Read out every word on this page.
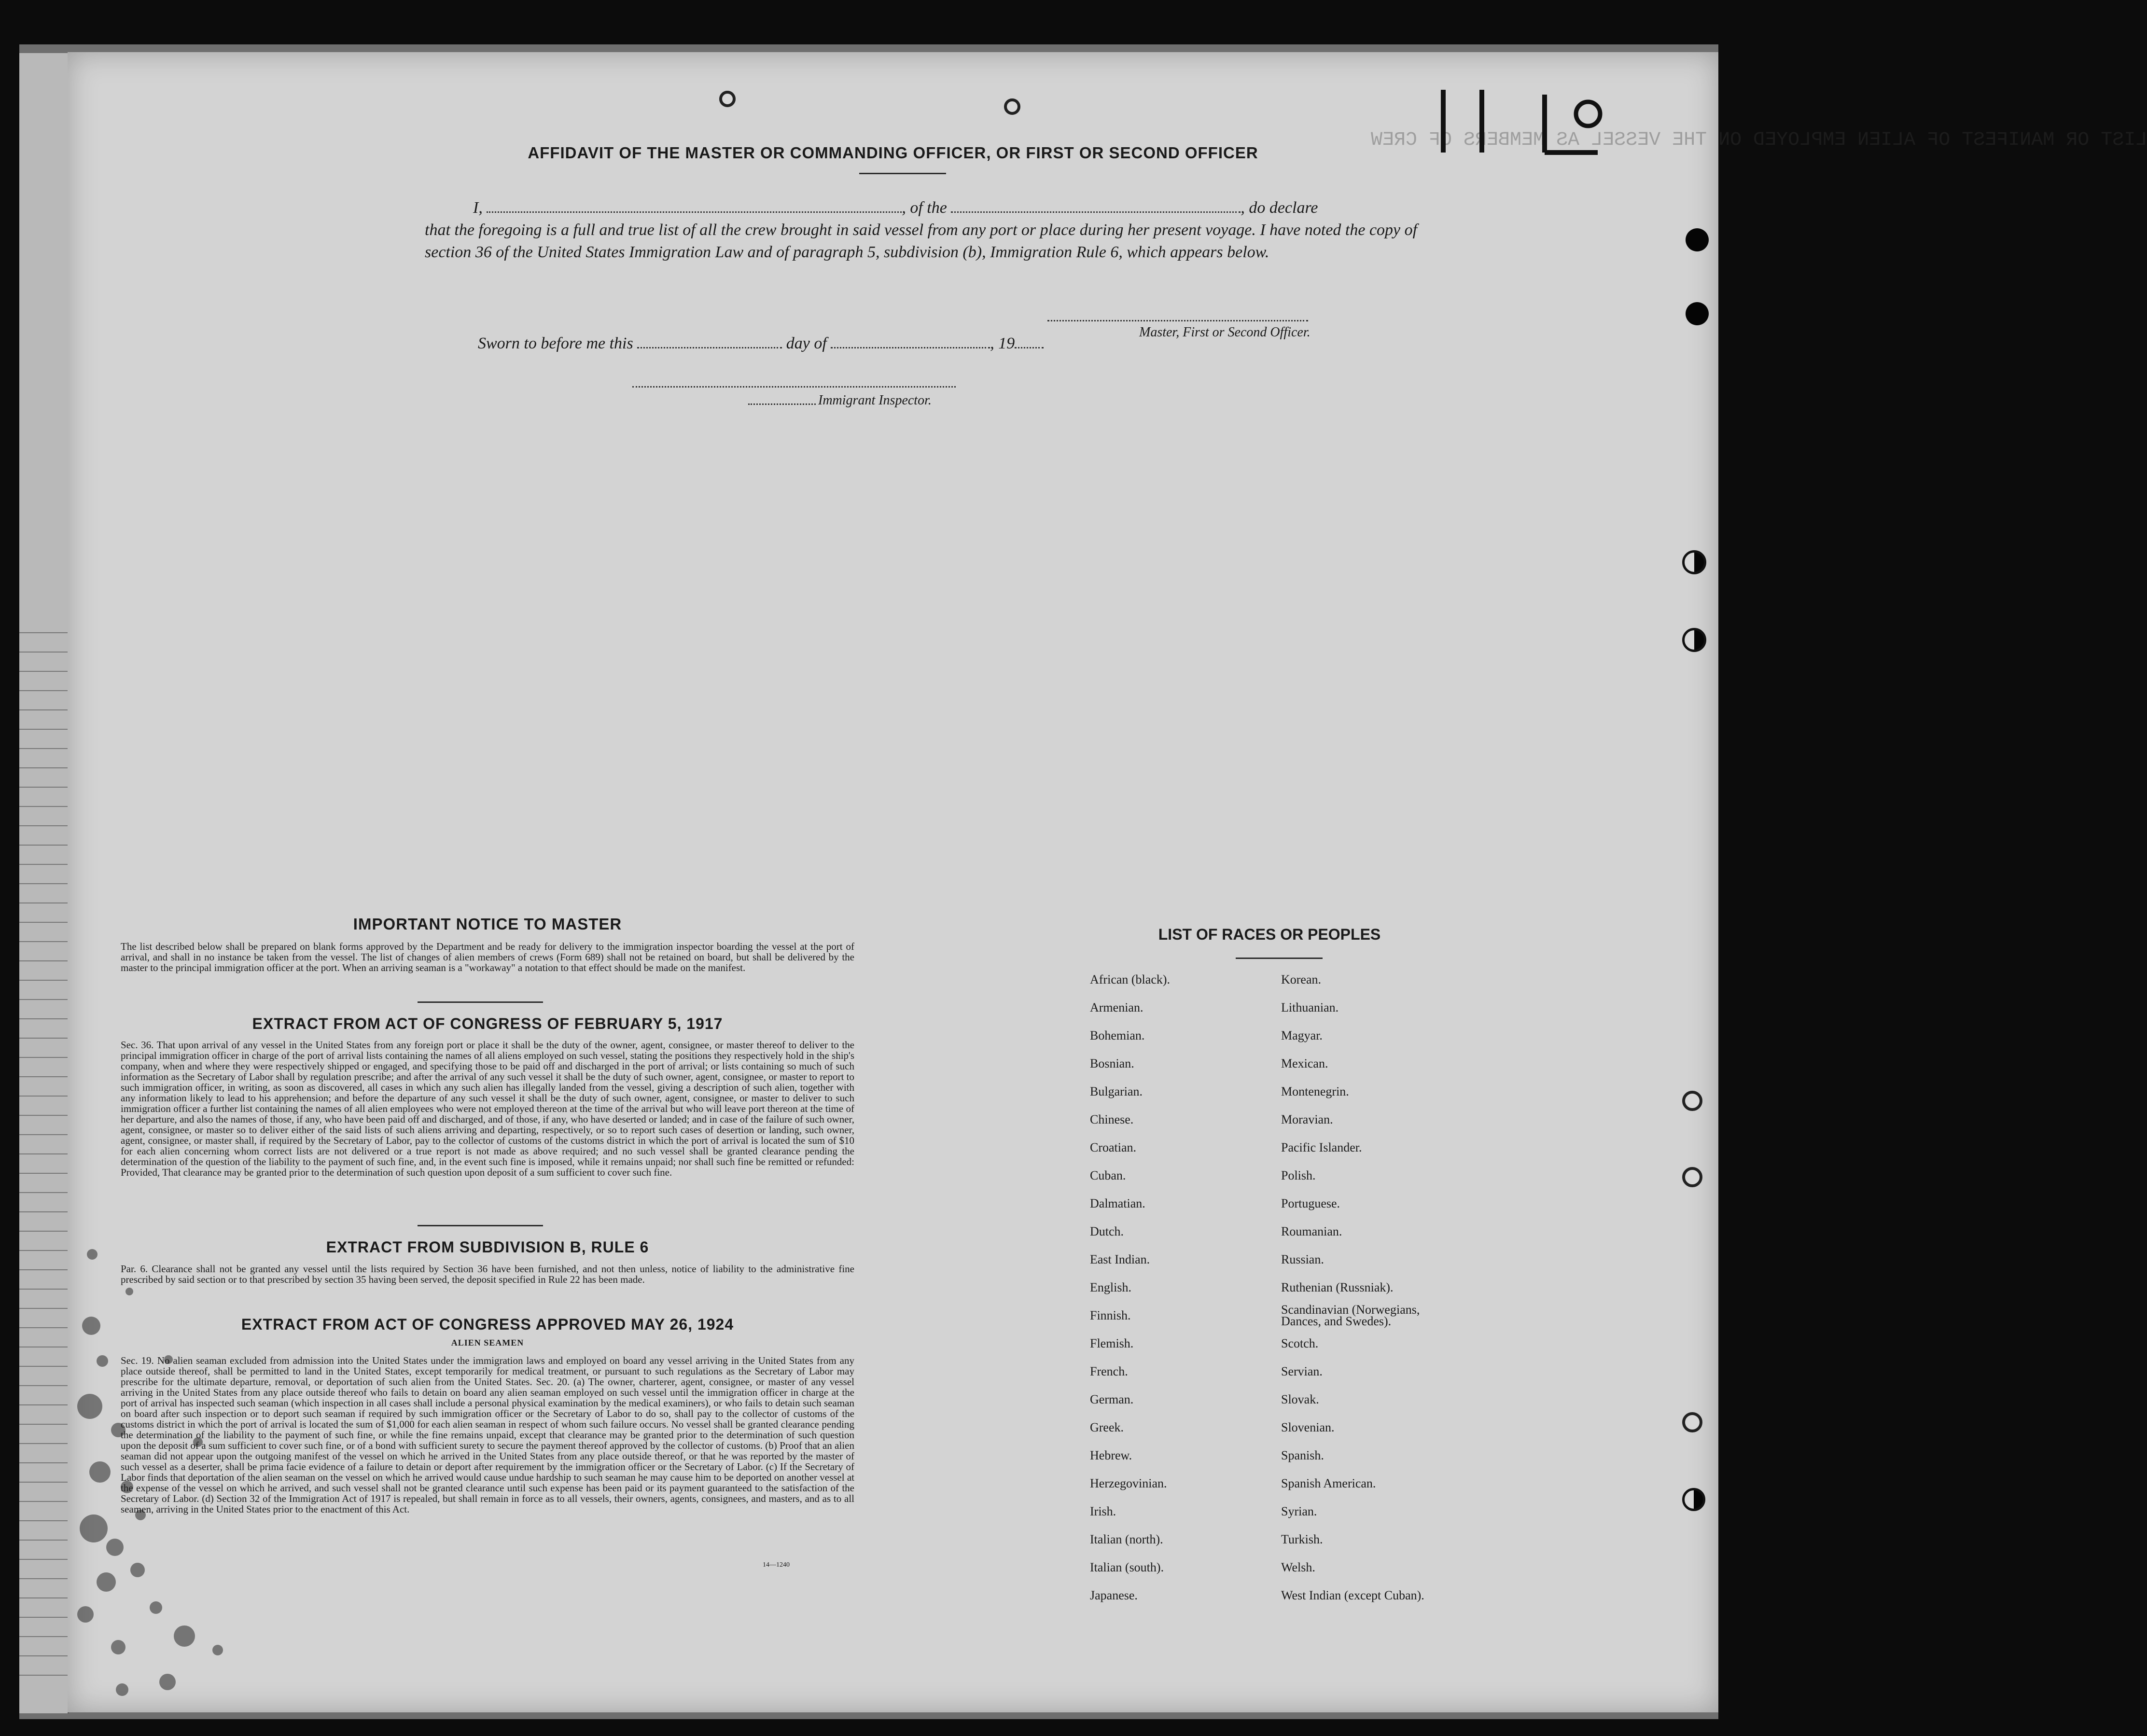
LIST OR MANIFEST OF ALIEN EMPLOYED ON THE VESSEL AS MEMBERS OF CREW
AFFIDAVIT OF THE MASTER OR COMMANDING OFFICER, OR FIRST OR SECOND OFFICER
I,	, of the	, do declare
that the foregoing is a full and true list of all the crew brought in said vessel from any port or place during her present voyage. I have noted the copy of section 36 of the United States Immigration Law and of paragraph 5, subdivision (b), Immigration Rule 6, which appears below.
Master, First or Second Officer.
Sworn to before me this	day of	, 19
Immigrant Inspector.
IMPORTANT NOTICE TO MASTER
The list described below shall be prepared on blank forms approved by the Department and be ready for delivery to the immigration inspector boarding the vessel at the port of arrival, and shall in no instance be taken from the vessel. The list of changes of alien members of crews (Form 689) shall not be retained on board, but shall be delivered by the master to the principal immigration officer at the port. When an arriving seaman is a "workaway" a notation to that effect should be made on the manifest.
EXTRACT FROM ACT OF CONGRESS OF FEBRUARY 5, 1917
Sec. 36. That upon arrival of any vessel in the United States from any foreign port or place it shall be the duty of the owner, agent, consignee, or master thereof to deliver to the principal immigration officer in charge of the port of arrival lists containing the names of all aliens employed on such vessel, stating the positions they respectively hold in the ship's company, when and where they were respectively shipped or engaged, and specifying those to be paid off and discharged in the port of arrival; or lists containing so much of such information as the Secretary of Labor shall by regulation prescribe; and after the arrival of any such vessel it shall be the duty of such owner, agent, consignee, or master to report to such immigration officer, in writing, as soon as discovered, all cases in which any such alien has illegally landed from the vessel, giving a description of such alien, together with any information likely to lead to his apprehension; and before the departure of any such vessel it shall be the duty of such owner, agent, consignee, or master to deliver to such immigration officer a further list containing the names of all alien employees who were not employed thereon at the time of the arrival but who will leave port thereon at the time of her departure, and also the names of those, if any, who have been paid off and discharged, and of those, if any, who have deserted or landed; and in case of the failure of such owner, agent, consignee, or master so to deliver either of the said lists of such aliens arriving and departing, respectively, or so to report such cases of desertion or landing, such owner, agent, consignee, or master shall, if required by the Secretary of Labor, pay to the collector of customs of the customs district in which the port of arrival is located the sum of $10 for each alien concerning whom correct lists are not delivered or a true report is not made as above required; and no such vessel shall be granted clearance pending the determination of the question of the liability to the payment of such fine, and, in the event such fine is imposed, while it remains unpaid; nor shall such fine be remitted or refunded: Provided, That clearance may be granted prior to the determination of such question upon deposit of a sum sufficient to cover such fine.
EXTRACT FROM SUBDIVISION B, RULE 6
Par. 6. Clearance shall not be granted any vessel until the lists required by Section 36 have been furnished, and not then unless, notice of liability to the administrative fine prescribed by said section or to that prescribed by section 35 having been served, the deposit specified in Rule 22 has been made.
EXTRACT FROM ACT OF CONGRESS APPROVED MAY 26, 1924
ALIEN SEAMEN
Sec. 19. No alien seaman excluded from admission into the United States under the immigration laws and employed on board any vessel arriving in the United States from any place outside thereof, shall be permitted to land in the United States, except temporarily for medical treatment, or pursuant to such regulations as the Secretary of Labor may prescribe for the ultimate departure, removal, or deportation of such alien from the United States. Sec. 20. (a) The owner, charterer, agent, consignee, or master of any vessel arriving in the United States from any place outside thereof who fails to detain on board any alien seaman employed on such vessel until the immigration officer in charge at the port of arrival has inspected such seaman (which inspection in all cases shall include a personal physical examination by the medical examiners), or who fails to detain such seaman on board after such inspection or to deport such seaman if required by such immigration officer or the Secretary of Labor to do so, shall pay to the collector of customs of the customs district in which the port of arrival is located the sum of $1,000 for each alien seaman in respect of whom such failure occurs. No vessel shall be granted clearance pending the determination of the liability to the payment of such fine, or while the fine remains unpaid, except that clearance may be granted prior to the determination of such question upon the deposit of a sum sufficient to cover such fine, or of a bond with sufficient surety to secure the payment thereof approved by the collector of customs. (b) Proof that an alien seaman did not appear upon the outgoing manifest of the vessel on which he arrived in the United States from any place outside thereof, or that he was reported by the master of such vessel as a deserter, shall be prima facie evidence of a failure to detain or deport after requirement by the immigration officer or the Secretary of Labor. (c) If the Secretary of Labor finds that deportation of the alien seaman on the vessel on which he arrived would cause undue hardship to such seaman he may cause him to be deported on another vessel at the expense of the vessel on which he arrived, and such vessel shall not be granted clearance until such expense has been paid or its payment guaranteed to the satisfaction of the Secretary of Labor. (d) Section 32 of the Immigration Act of 1917 is repealed, but shall remain in force as to all vessels, their owners, agents, consignees, and masters, and as to all seamen, arriving in the United States prior to the enactment of this Act.
14—1240
LIST OF RACES OR PEOPLES
African (black).
Armenian.
Bohemian.
Bosnian.
Bulgarian.
Chinese.
Croatian.
Cuban.
Dalmatian.
Dutch.
East Indian.
English.
Finnish.
Flemish.
French.
German.
Greek.
Hebrew.
Herzegovinian.
Irish.
Italian (north).
Italian (south).
Japanese.
Korean.
Lithuanian.
Magyar.
Mexican.
Montenegrin.
Moravian.
Pacific Islander.
Polish.
Portuguese.
Roumanian.
Russian.
Ruthenian (Russniak).
Scandinavian (Norwegians, Dances, and Swedes).
Scotch.
Servian.
Slovak.
Slovenian.
Spanish.
Spanish American.
Syrian.
Turkish.
Welsh.
West Indian (except Cuban).
